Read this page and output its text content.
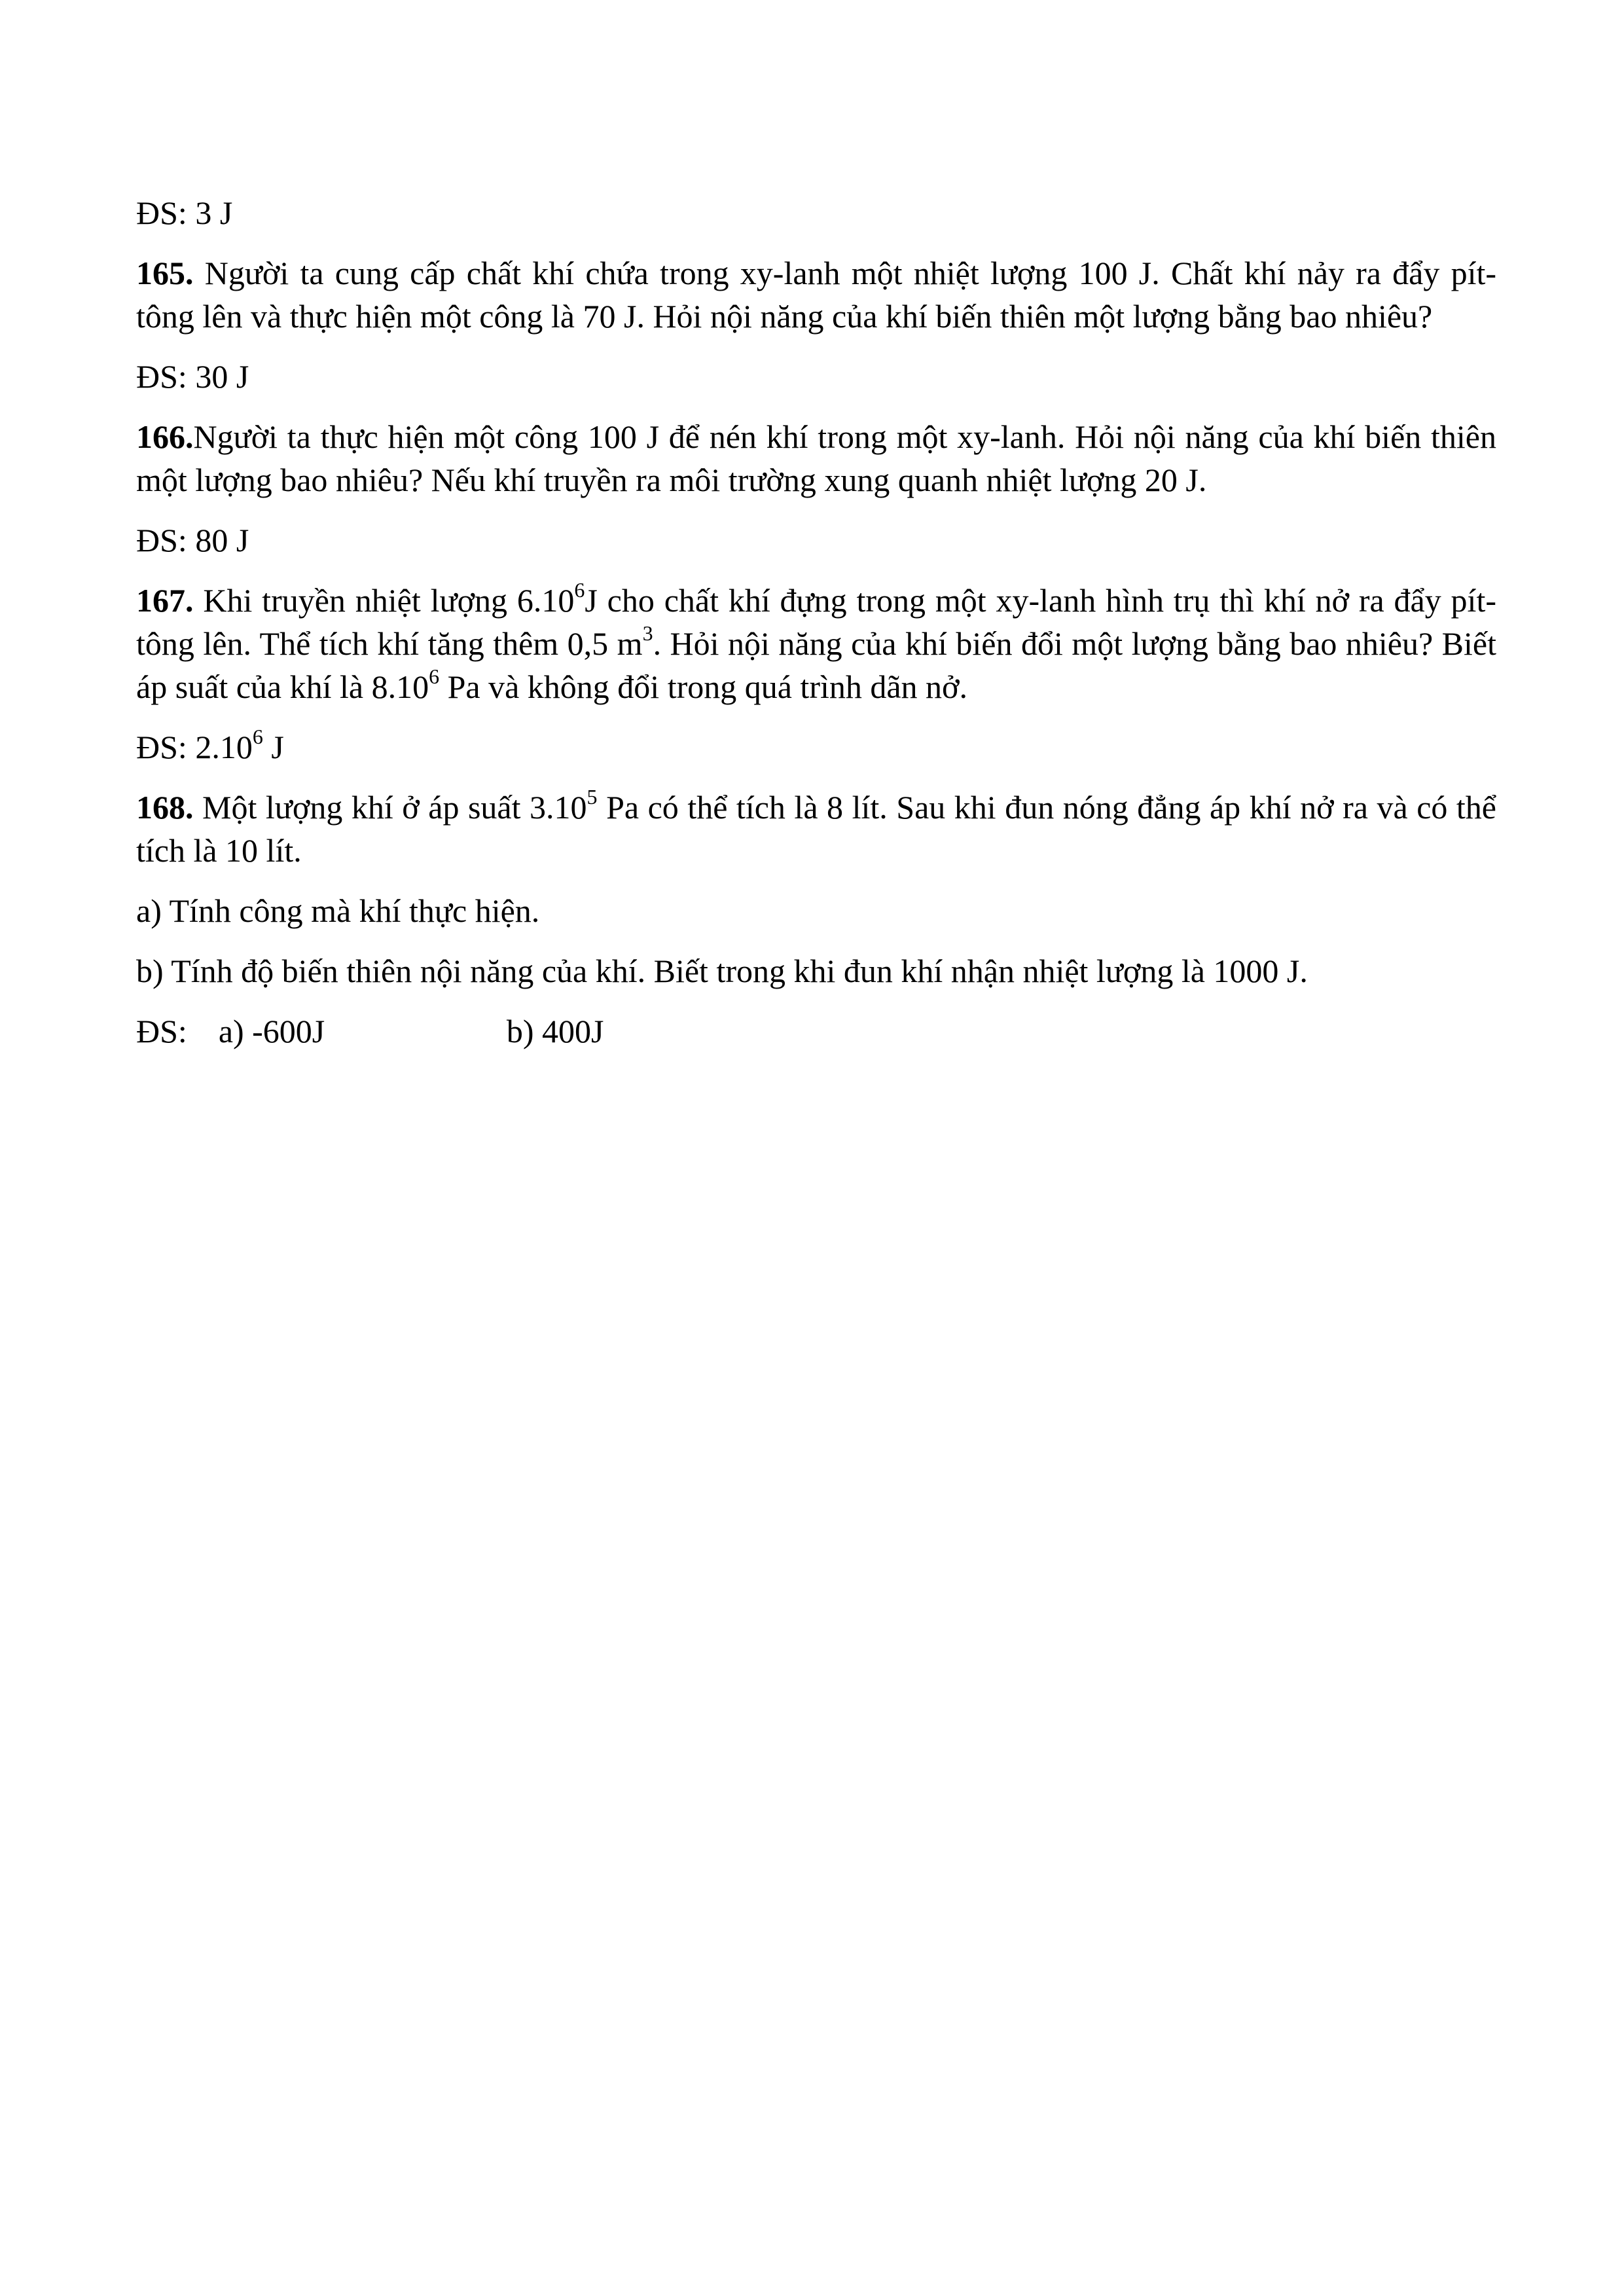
ĐS: 3 J

165. Người ta cung cấp chất khí chứa trong xy-lanh một nhiệt lượng 100 J. Chất khí nảy ra đẩy pít- tông lên và thực hiện một công là 70 J. Hỏi nội năng của khí biến thiên một lượng bằng bao nhiêu?

ĐS: 30 J

166.Người ta thực hiện một công 100 J để nén khí trong một xy-lanh. Hỏi nội năng của khí biến thiên một lượng bao nhiêu? Nếu khí truyền ra môi trường xung quanh nhiệt lượng 20 J.

ĐS: 80 J

167. Khi truyền nhiệt lượng 6.10$^6$J cho chất khí đựng trong một xy-lanh hình trụ thì khí nở ra đẩy pít-tông lên. Thể tích khí tăng thêm 0,5 $m^3$. Hỏi nội năng của khí biến đổi một lượng bằng bao nhiêu? Biết áp suất của khí là 8.10$^6$ Pa và không đổi trong quá trình dãn nở.

ĐS: 2.10$^6$ J

168. Một lượng khí ở áp suất 3.10$^5$ Pa có thể tích là 8 lít. Sau khi đun nóng đẳng áp khí nở ra và có thể tích là 10 lít.

a) Tính công mà khí thực hiện.

b) Tính độ biến thiên nội năng của khí. Biết trong khi đun khí nhận nhiệt lượng là 1000 J.

ĐS: a) -600J	b) 400J
